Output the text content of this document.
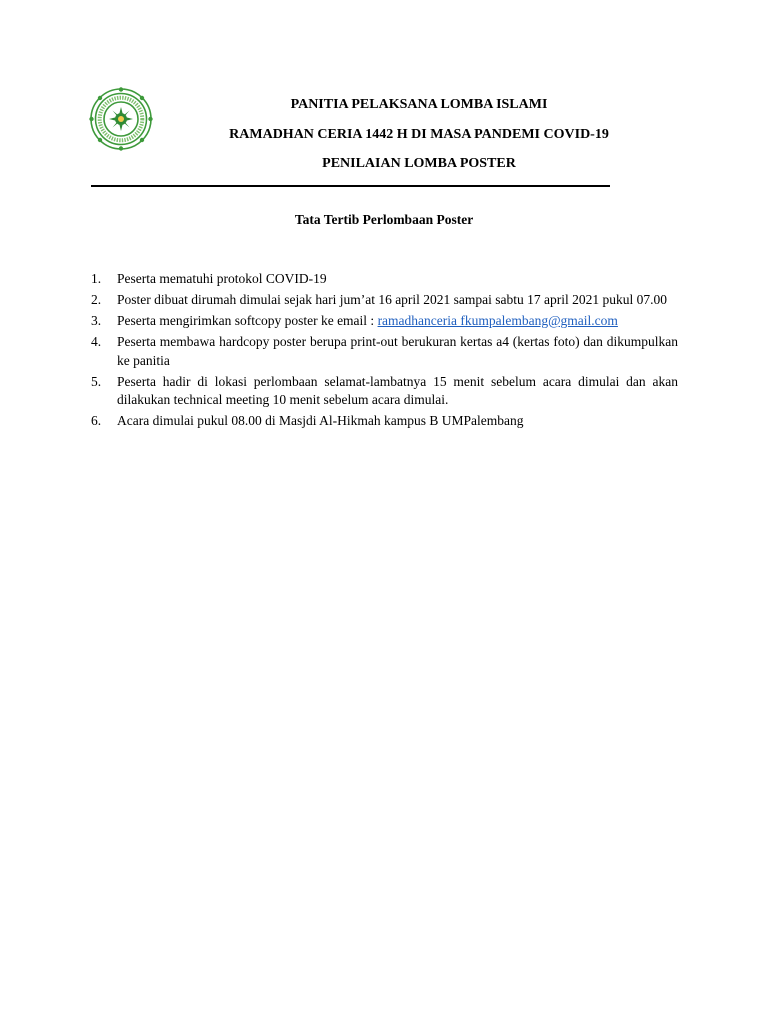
PANITIA PELAKSANA LOMBA ISLAMI
RAMADHAN CERIA 1442 H DI MASA PANDEMI COVID-19
PENILAIAN LOMBA POSTER
Tata Tertib Perlombaan Poster
1. Peserta mematuhi protokol COVID-19
2. Poster dibuat dirumah dimulai sejak hari jum’at 16 april 2021 sampai sabtu 17 april 2021 pukul 07.00
3. Peserta mengirimkan softcopy poster ke email : ramadhanceria fkumpalembang@gmail.com
4. Peserta membawa hardcopy poster berupa print-out berukuran kertas a4 (kertas foto) dan dikumpulkan ke panitia
5. Peserta hadir di lokasi perlombaan selamat-lambatnya 15 menit sebelum acara dimulai dan akan dilakukan technical meeting 10 menit sebelum acara dimulai.
6. Acara dimulai pukul 08.00 di Masjdi Al-Hikmah kampus B UMPalembang
